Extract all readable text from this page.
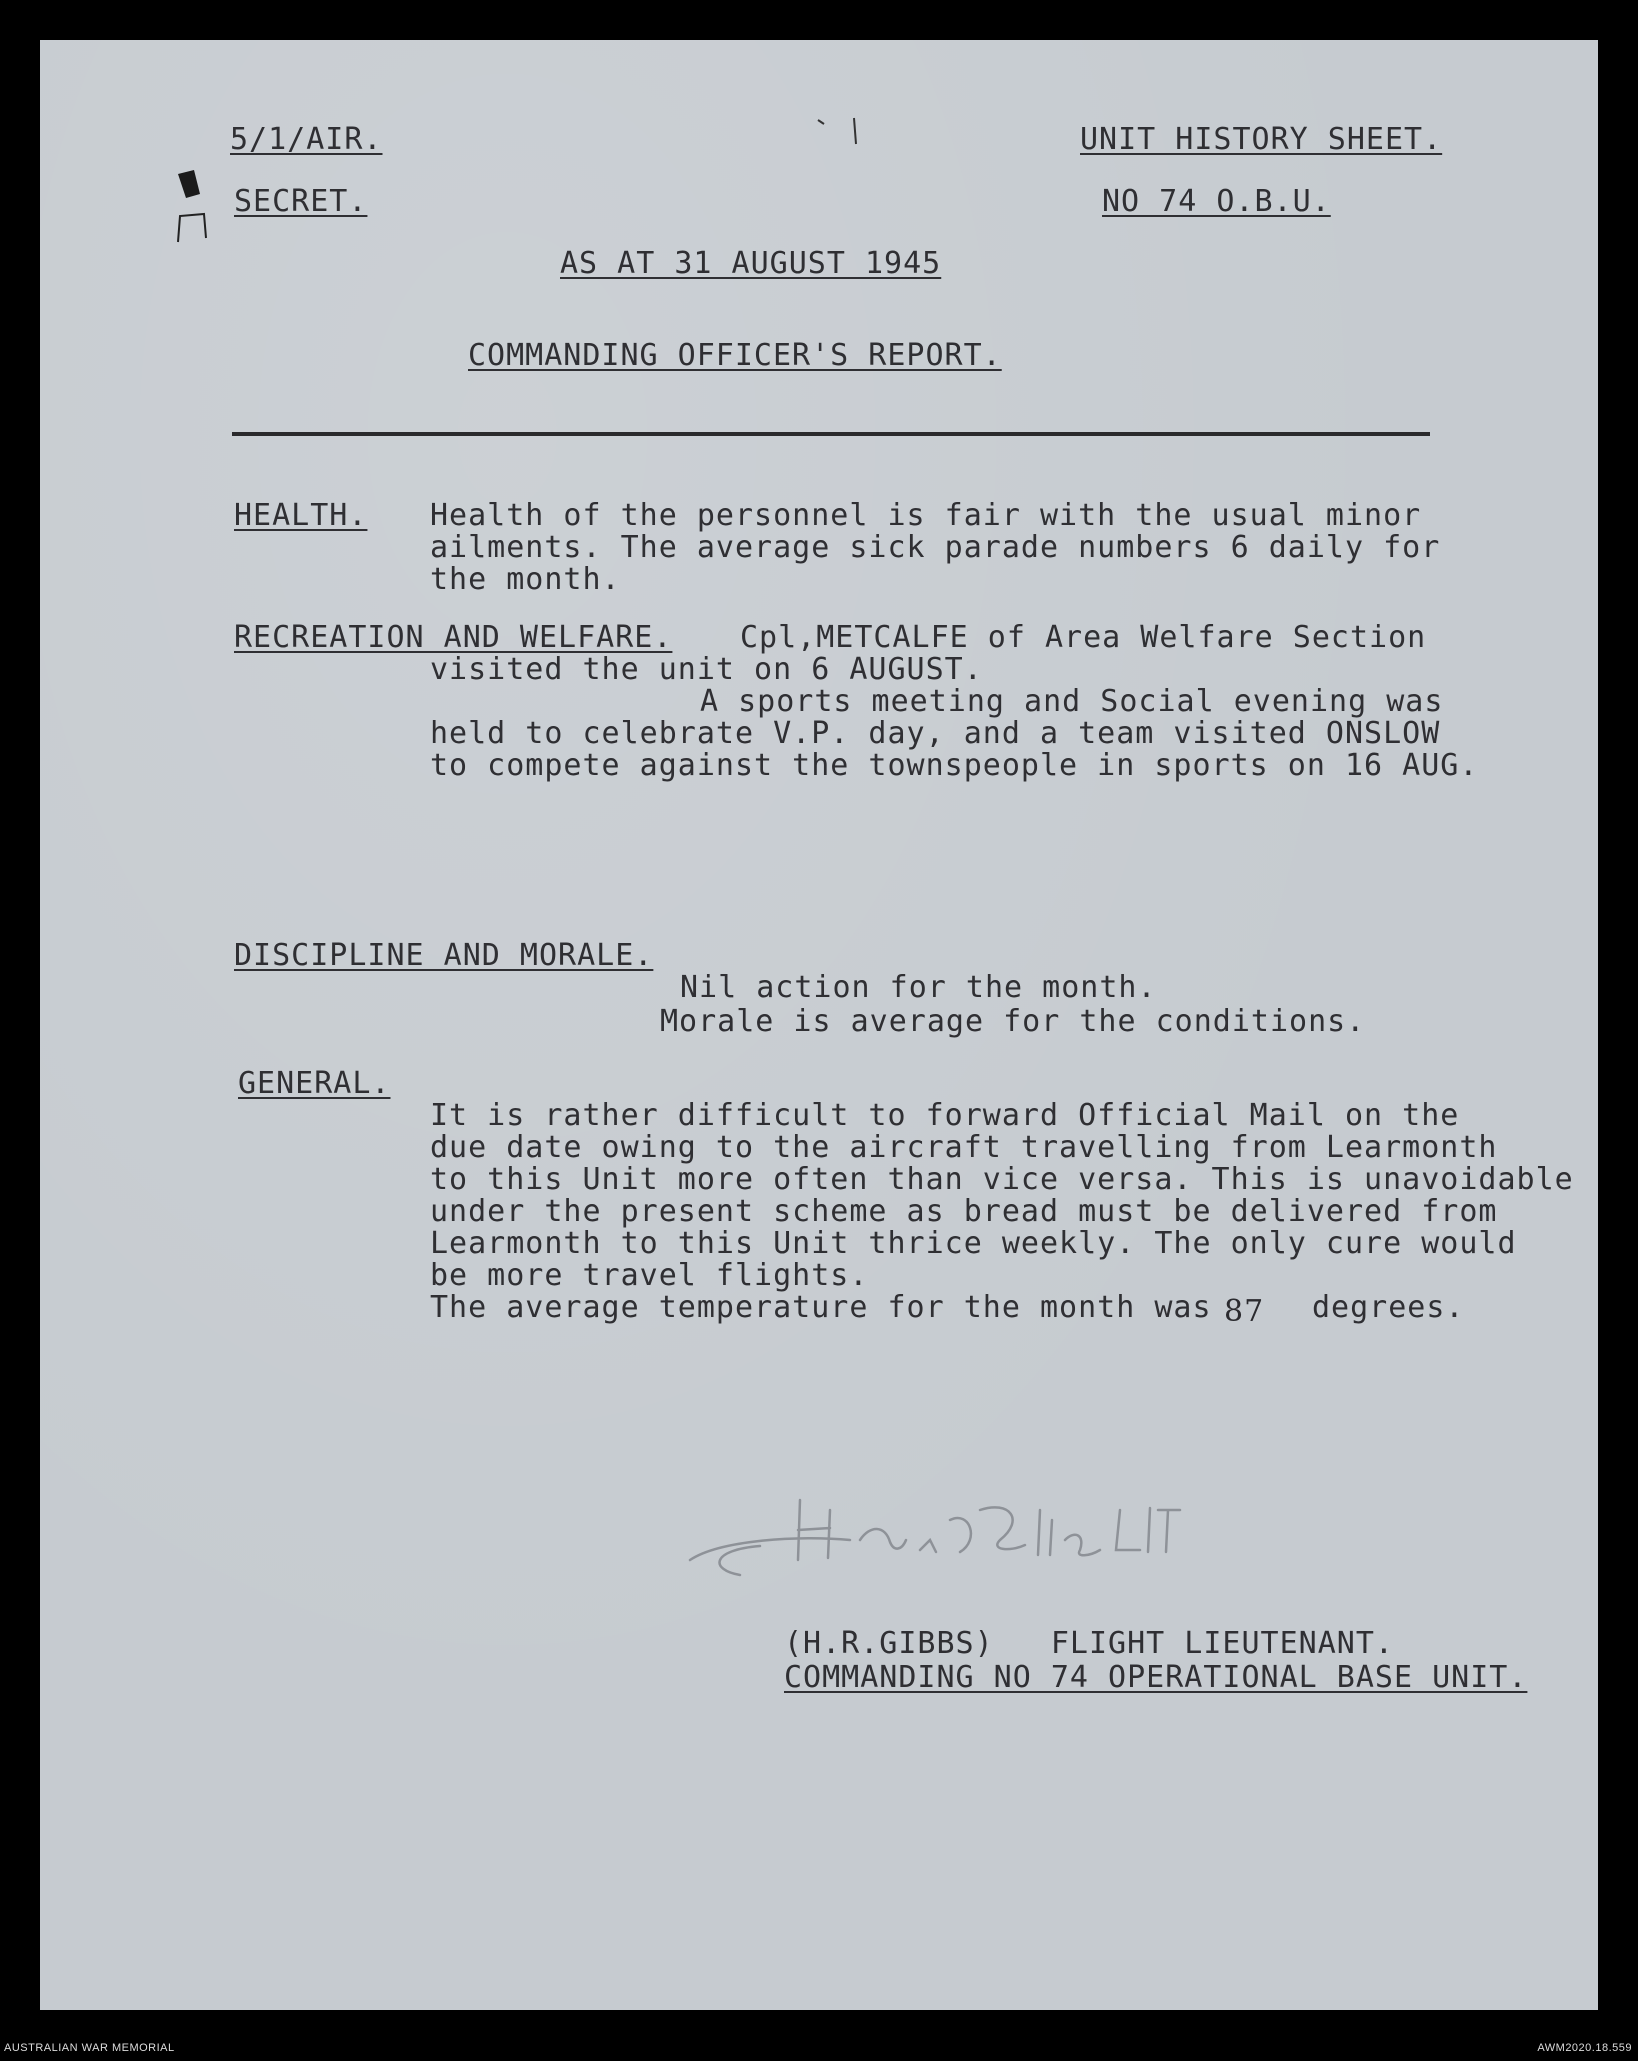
5/1/AIR.
SECRET.
UNIT HISTORY SHEET.
NO 74 O.B.U.
AS AT 31 AUGUST 1945
COMMANDING OFFICER'S REPORT.
HEALTH. Health of the personnel is fair with the usual minor
ailments. The average sick parade numbers 6 daily for
the month.
RECREATION AND WELFARE. Cpl,METCALFE of Area Welfare Section
visited the unit on 6 AUGUST.
A sports meeting and Social evening was
held to celebrate V.P. day, and a team visited ONSLOW
to compete against the townspeople in sports on 16 AUG.
DISCIPLINE AND MORALE.
Nil action for the month.
Morale is average for the conditions.
GENERAL.
It is rather difficult to forward Official Mail on the
due date owing to the aircraft travelling from Learmonth
to this Unit more often than vice versa. This is unavoidable
under the present scheme as bread must be delivered from
Learmonth to this Unit thrice weekly. The only cure would
be more travel flights.
The average temperature for the month was 87 degrees.
(H.R.GIBBS)   FLIGHT LIEUTENANT.
COMMANDING NO 74 OPERATIONAL BASE UNIT.
AUSTRALIAN WAR MEMORIAL	AWM2020.18.559
